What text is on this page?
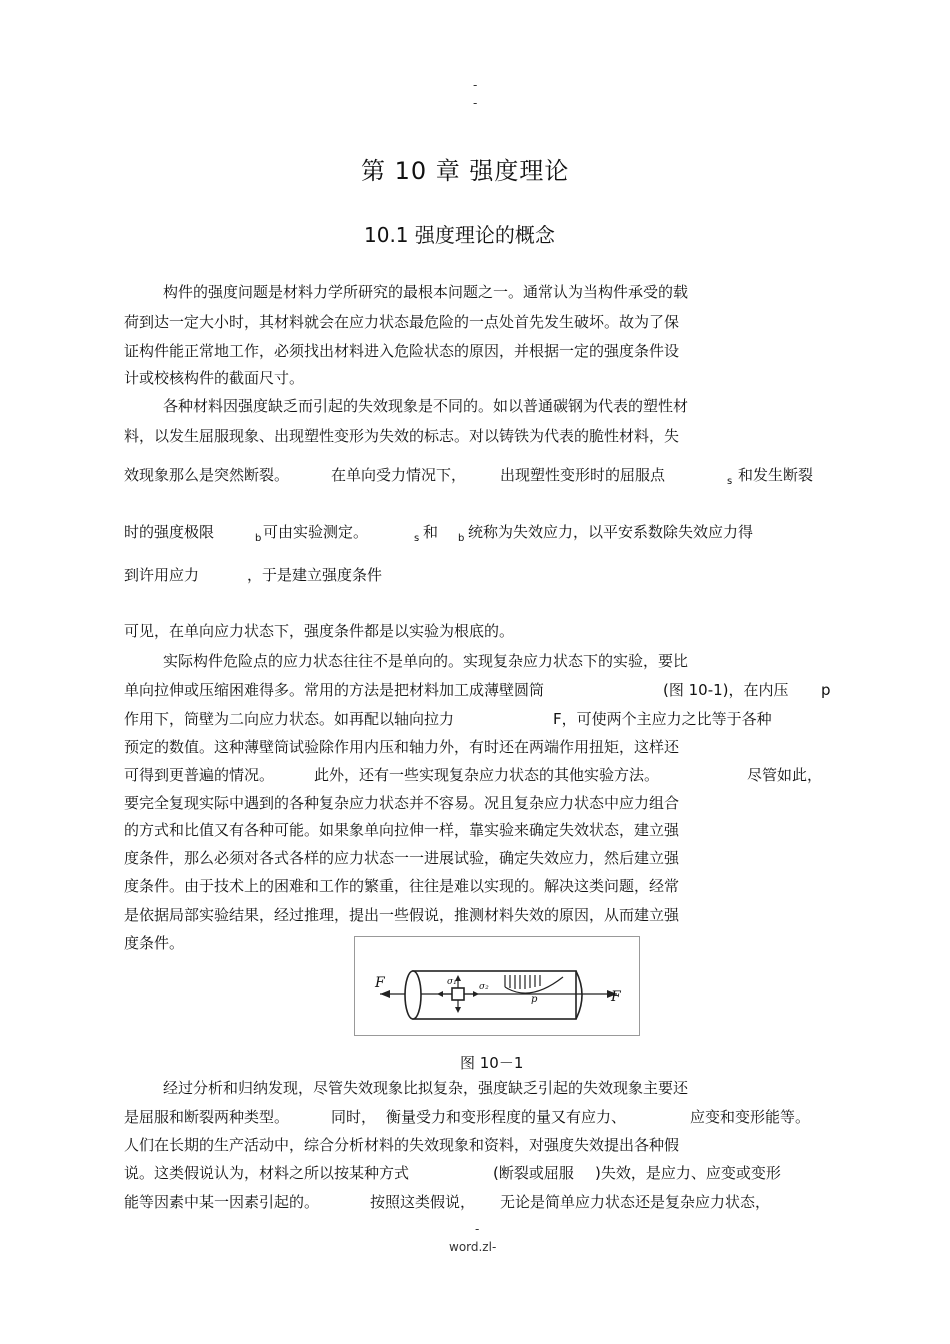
-
-
第 10 章 强度理论
10.1 强度理论的概念
构件的强度问题是材料力学所研究的最根本问题之一。通常认为当构件承受的载
荷到达一定大小时，其材料就会在应力状态最危险的一点处首先发生破坏。故为了保
证构件能正常地工作，必须找出材料进入危险状态的原因，并根据一定的强度条件设
计或校核构件的截面尺寸。
各种材料因强度缺乏而引起的失效现象是不同的。如以普通碳钢为代表的塑性材
料，以发生屈服现象、出现塑性变形为失效的标志。对以铸铁为代表的脆性材料，失
效现象那么是突然断裂。	在单向受力情况下， 出现塑性变形时的屈服点	s 和发生断裂
时的强度极限	b 可由实验测定。	s 和 b 统称为失效应力，以平安系数除失效应力得
到许用应力	，于是建立强度条件
可见，在单向应力状态下，强度条件都是以实验为根底的。
实际构件危险点的应力状态往往不是单向的。实现复杂应力状态下的实验，要比
单向拉伸或压缩困难得多。常用的方法是把材料加工成薄壁圆筒	(图 10-1)，在内压 p
作用下，筒壁为二向应力状态。如再配以轴向拉力	F，可使两个主应力之比等于各种
预定的数值。这种薄壁筒试验除作用内压和轴力外，有时还在两端作用扭矩，这样还
可得到更普遍的情况。	此外，还有一些实现复杂应力状态的其他实验方法。	尽管如此，
要完全复现实际中遇到的各种复杂应力状态并不容易。况且复杂应力状态中应力组合
的方式和比值又有各种可能。如果象单向拉伸一样，靠实验来确定失效状态，建立强
度条件，那么必须对各式各样的应力状态一一进展试验，确定失效应力，然后建立强
度条件。由于技术上的困难和工作的繁重，往往是难以实现的。解决这类问题，经常
是依据局部实验结果，经过推理，提出一些假说，推测材料失效的原因，从而建立强
度条件。
F
F
σ₁ σ₂
p
图 10－1
经过分析和归纳发现，尽管失效现象比拟复杂，强度缺乏引起的失效现象主要还
是屈服和断裂两种类型。	同时， 衡量受力和变形程度的量又有应力、	应变和变形能等。
人们在长期的生产活动中，综合分析材料的失效现象和资料，对强度失效提出各种假
说。这类假说认为，材料之所以按某种方式	(断裂或屈服 )失效，是应力、应变或变形
能等因素中某一因素引起的。	按照这类假说， 无论是简单应力状态还是复杂应力状态，
-
word.zl-
